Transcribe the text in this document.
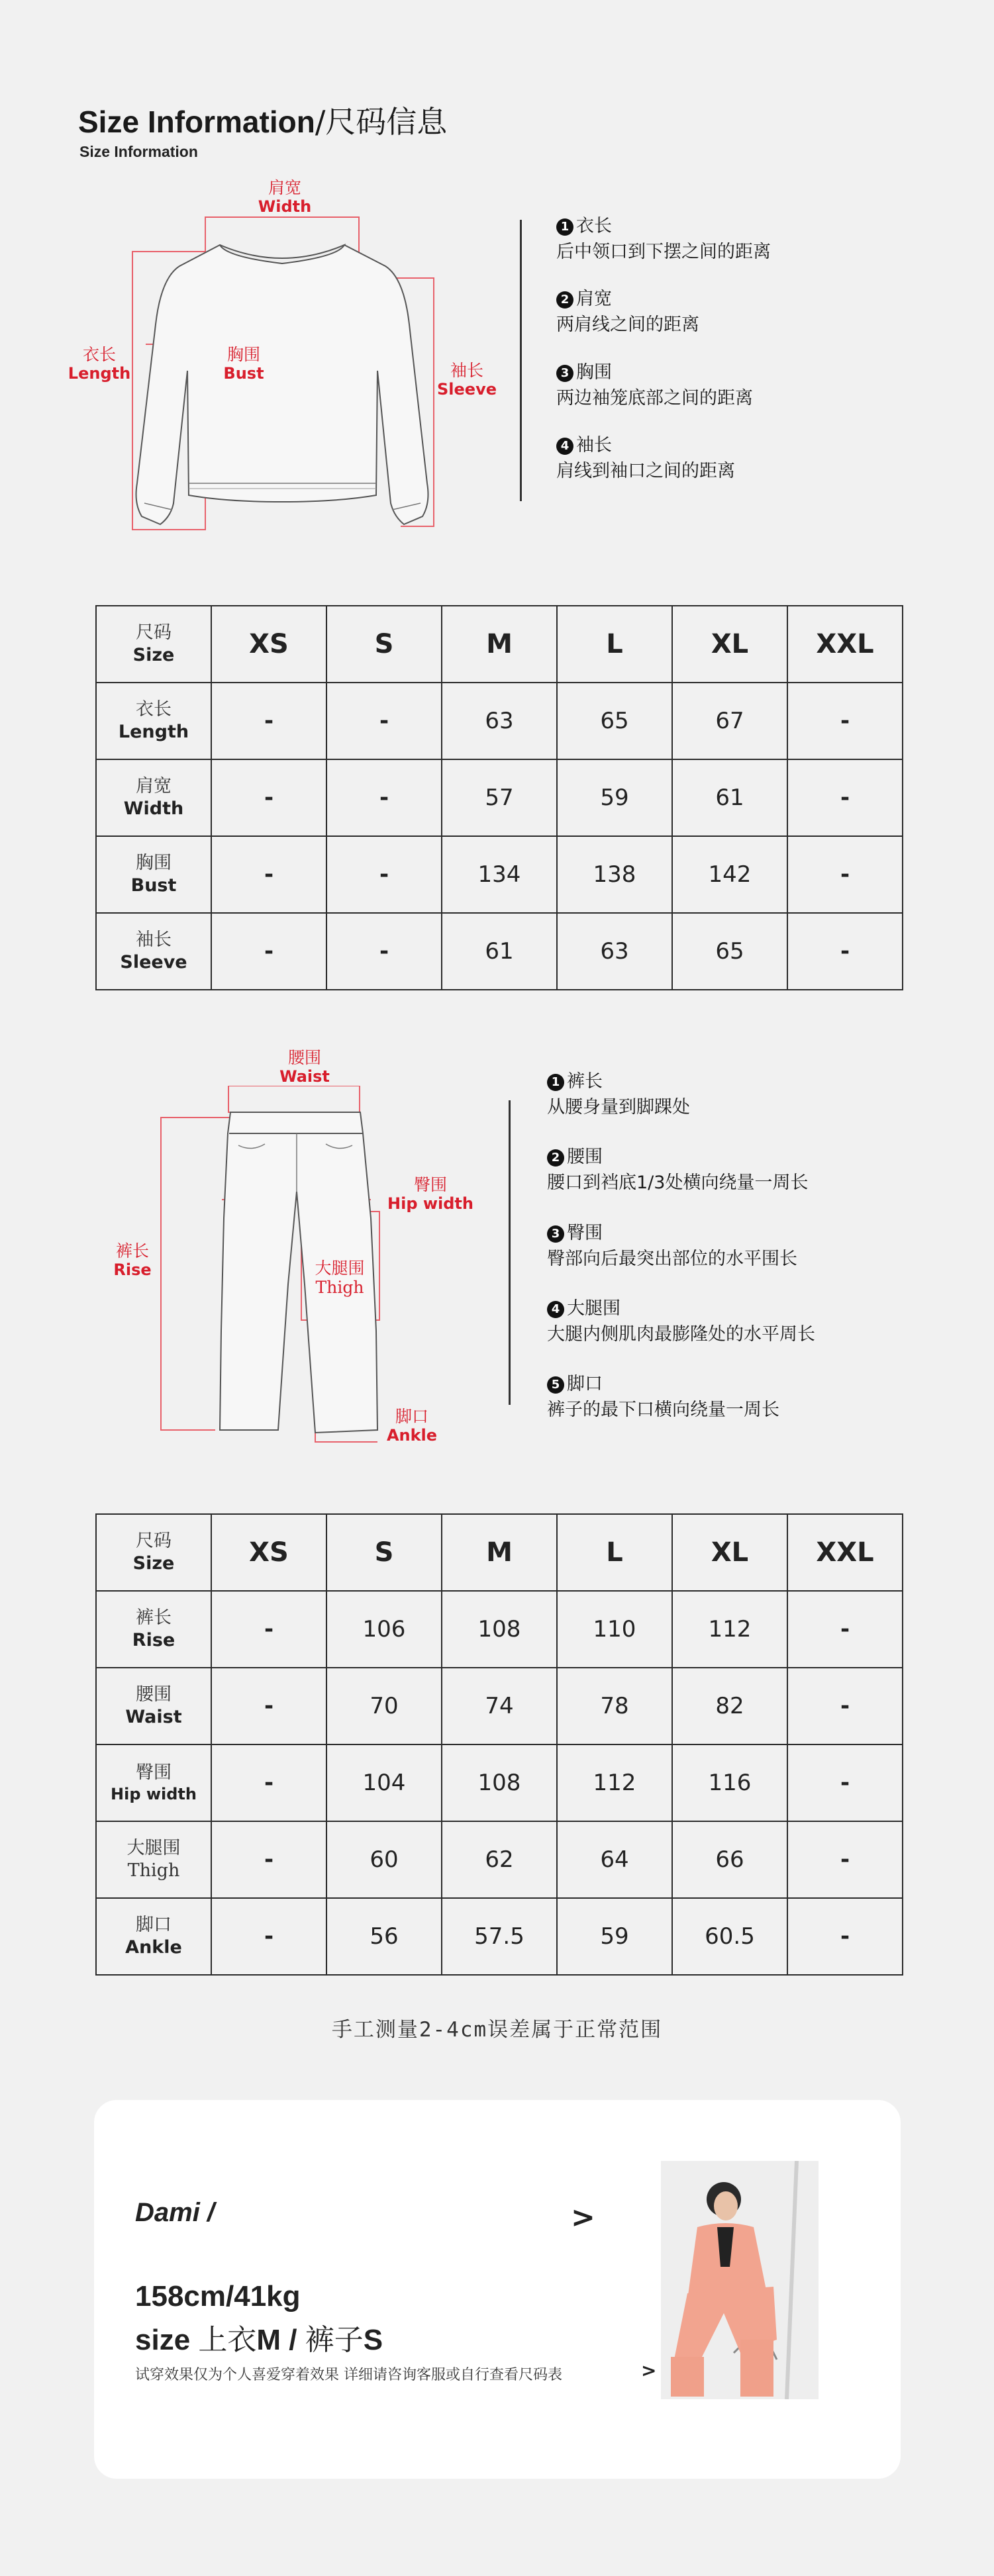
Size Information/尺码信息
Size Information
肩宽
Width
衣长
Length
胸围
Bust	袖长
Sleeve
1 衣长
后中领口到下摆之间的距离
2 肩宽
两肩线之间的距离
3 胸围
两边袖笼底部之间的距离
4 袖长
肩线到袖口之间的距离
尺码
Size	XS	S	M	L	XL	XXL

衣长
Length	-	-	63	65	67	-

肩宽
Width	-	-	57	59	61	-

胸围
Bust	-	-	134	138	142	-

袖长
Sleeve	-	-	61	63	65	-
腰围
Waist
臀围
Hip width
裤长
Rise	大腿围
Thigh
脚口
Ankle
1 裤长
从腰身量到脚踝处
2 腰围
腰口到裆底1/3处横向绕量一周长
3 臀围
臀部向后最突出部位的水平围长
4 大腿围
大腿内侧肌肉最膨隆处的水平周长
5 脚口
裤子的最下口横向绕量一周长
尺码
Size	XS	S	M	L	XL	XXL

裤长
Rise	-	106	108	110	112	-

腰围
Waist	-	70	74	78	82	-

臀围
Hip width	-	104	108	112	116	-

大腿围
Thigh	-	60	62	64	66	-

脚口
Ankle	-	56	57.5	59	60.5	-
手工测量2-4cm误差属于正常范围
Dami /	>
158cm/41kg
size 上衣M / 裤子S
试穿效果仅为个人喜爱穿着效果 详细请咨询客服或自行查看尺码表	>
